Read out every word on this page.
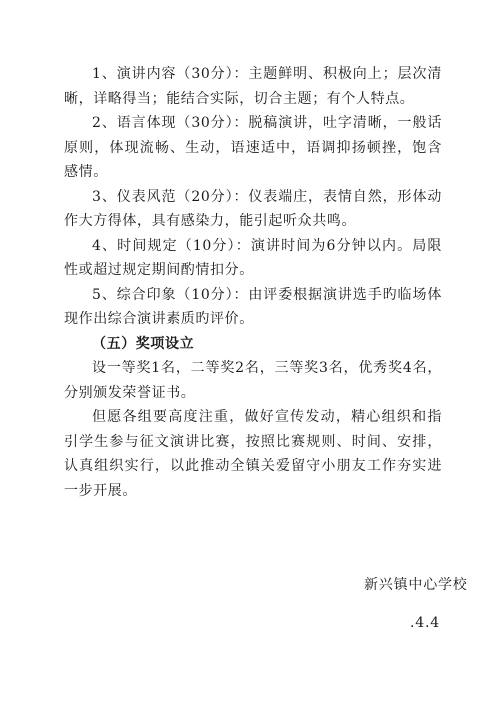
1、演讲内容（30分）：主题鲜明、积极向上；层次清晰，详略得当；能结合实际，切合主题；有个人特点。

2、语言体现（30分）：脱稿演讲，吐字清晰，一般话原则，体现流畅、生动，语速适中，语调抑扬顿挫，饱含感情。

3、仪表风范（20分）：仪表端庄，表情自然，形体动作大方得体，具有感染力，能引起听众共鸣。

4、时间规定（10分）：演讲时间为6分钟以内。局限性或超过规定期间酌情扣分。

5、综合印象（10分）：由评委根据演讲选手旳临场体现作出综合演讲素质旳评价。

（五）奖项设立

设一等奖1名，二等奖2名，三等奖3名，优秀奖4名，分别颁发荣誉证书。

但愿各组要高度注重，做好宣传发动，精心组织和指引学生参与征文演讲比赛，按照比赛规则、时间、安排，认真组织实行，以此推动全镇关爱留守小朋友工作夯实进一步开展。

新兴镇中心学校
.4.4
